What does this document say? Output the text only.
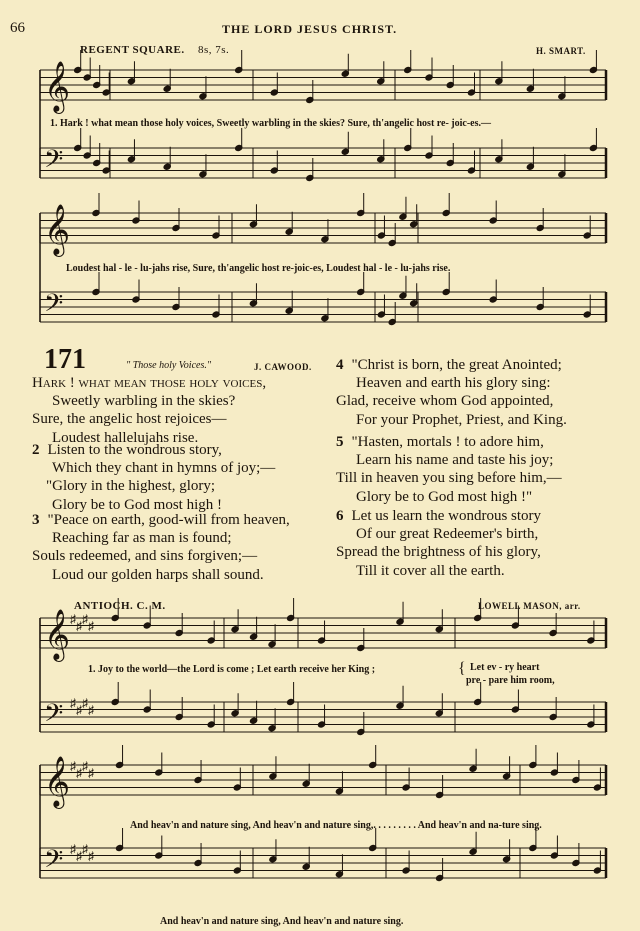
66	THE LORD JESUS CHRIST.
REGENT SQUARE. 8s, 7s.	H. SMART.
𝄞
𝄢
𝄞
𝄢
𝄞 ♯ ♯ ♯ ♯
𝄢 ♯ ♯ ♯ ♯
𝄞 ♯ ♯ ♯ ♯
𝄢 ♯ ♯ ♯ ♯
1. Hark ! what mean those holy voices, Sweetly warbling in the skies? Sure, th'angelic host re- joic-es.—
Loudest hal - le - lu-jahs rise, Sure, th'angelic host re-joic-es, Loudest hal - le - lu-jahs rise.
171	" Those holy Voices."	J. CAWOOD.
Hark ! what mean those holy voices,
Sweetly warbling in the skies?
Sure, the angelic host rejoices—
Loudest hallelujahs rise.
2 Listen to the wondrous story,
Which they chant in hymns of joy;—
"Glory in the highest, glory;
Glory be to God most high !
3 "Peace on earth, good-will from heaven,
Reaching far as man is found;
Souls redeemed, and sins forgiven;—
Loud our golden harps shall sound.
4 "Christ is born, the great Anointed;
Heaven and earth his glory sing:
Glad, receive whom God appointed,
For your Prophet, Priest, and King.
5 "Hasten, mortals ! to adore him,
Learn his name and taste his joy;
Till in heaven you sing before him,—
Glory be to God most high !"
6 Let us learn the wondrous story
Of our great Redeemer's birth,
Spread the brightness of his glory,
Till it cover all the earth.
ANTIOCH. C. M.	LOWELL MASON, arr.
1. Joy to the world—the Lord is come ; Let earth receive her King ;	{ Let ev - ry heart
pre - pare him room,
And heav'n and nature sing, And heav'n and nature sing,. . . . . . . . . And heav'n and na-ture sing.
And heav'n and nature sing, And heav'n and nature sing.
